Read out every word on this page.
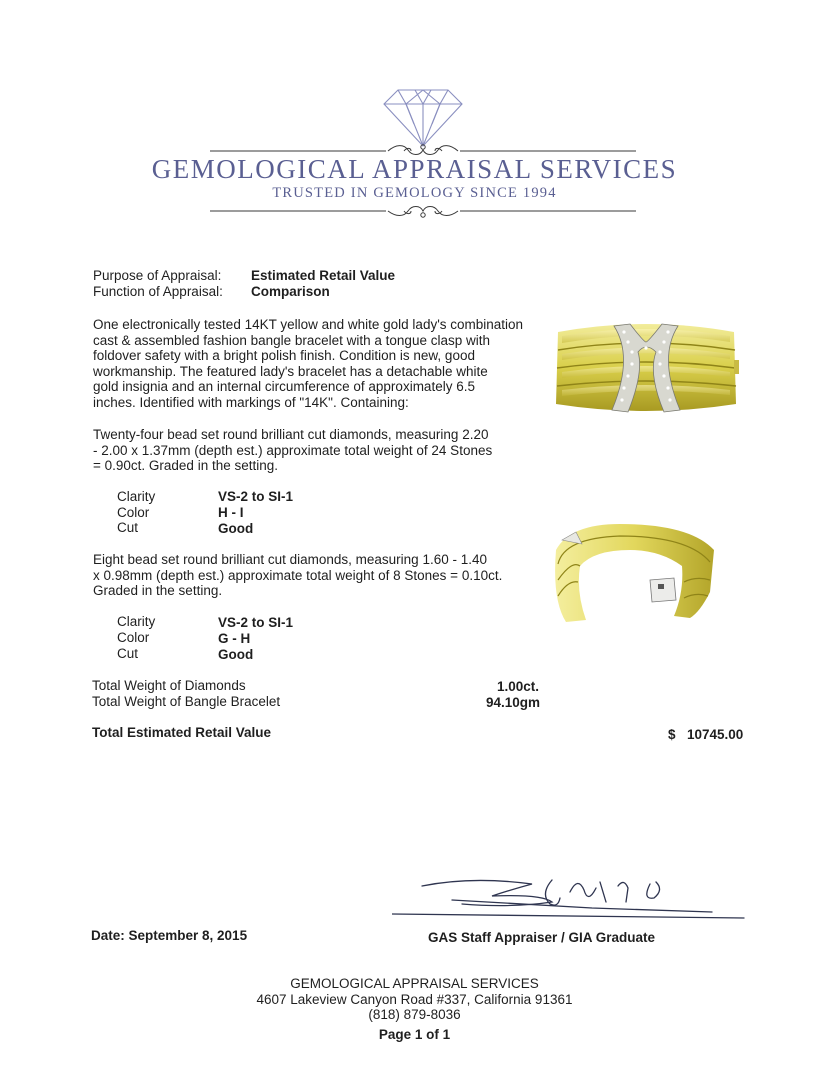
GEMOLOGICAL APPRAISAL SERVICES
TRUSTED IN GEMOLOGY SINCE 1994
Purpose of Appraisal: Estimated Retail Value
Function of Appraisal: Comparison
One electronically tested 14KT yellow and white gold lady's combination
cast & assembled fashion bangle bracelet with a tongue clasp with
foldover safety with a bright polish finish. Condition is new, good
workmanship. The featured lady's bracelet has a detachable white
gold insignia and an internal circumference of approximately 6.5
inches. Identified with markings of "14K". Containing:
Twenty-four bead set round brilliant cut diamonds, measuring 2.20
- 2.00 x 1.37mm (depth est.) approximate total weight of 24 Stones
= 0.90ct. Graded in the setting.
Clarity	VS-2 to SI-1
Color	H - I
Cut	Good
Eight bead set round brilliant cut diamonds, measuring 1.60 - 1.40
x 0.98mm (depth est.) approximate total weight of 8 Stones = 0.10ct.
Graded in the setting.
Clarity	VS-2 to SI-1
Color	G - H
Cut	Good
Total Weight of Diamonds	1.00ct.
Total Weight of Bangle Bracelet	94.10gm
Total Estimated Retail Value	$ 10745.00
Date: September 8, 2015	GAS Staff Appraiser / GIA Graduate
GEMOLOGICAL APPRAISAL SERVICES
4607 Lakeview Canyon Road #337, California 91361
(818) 879-8036
Page 1 of 1
